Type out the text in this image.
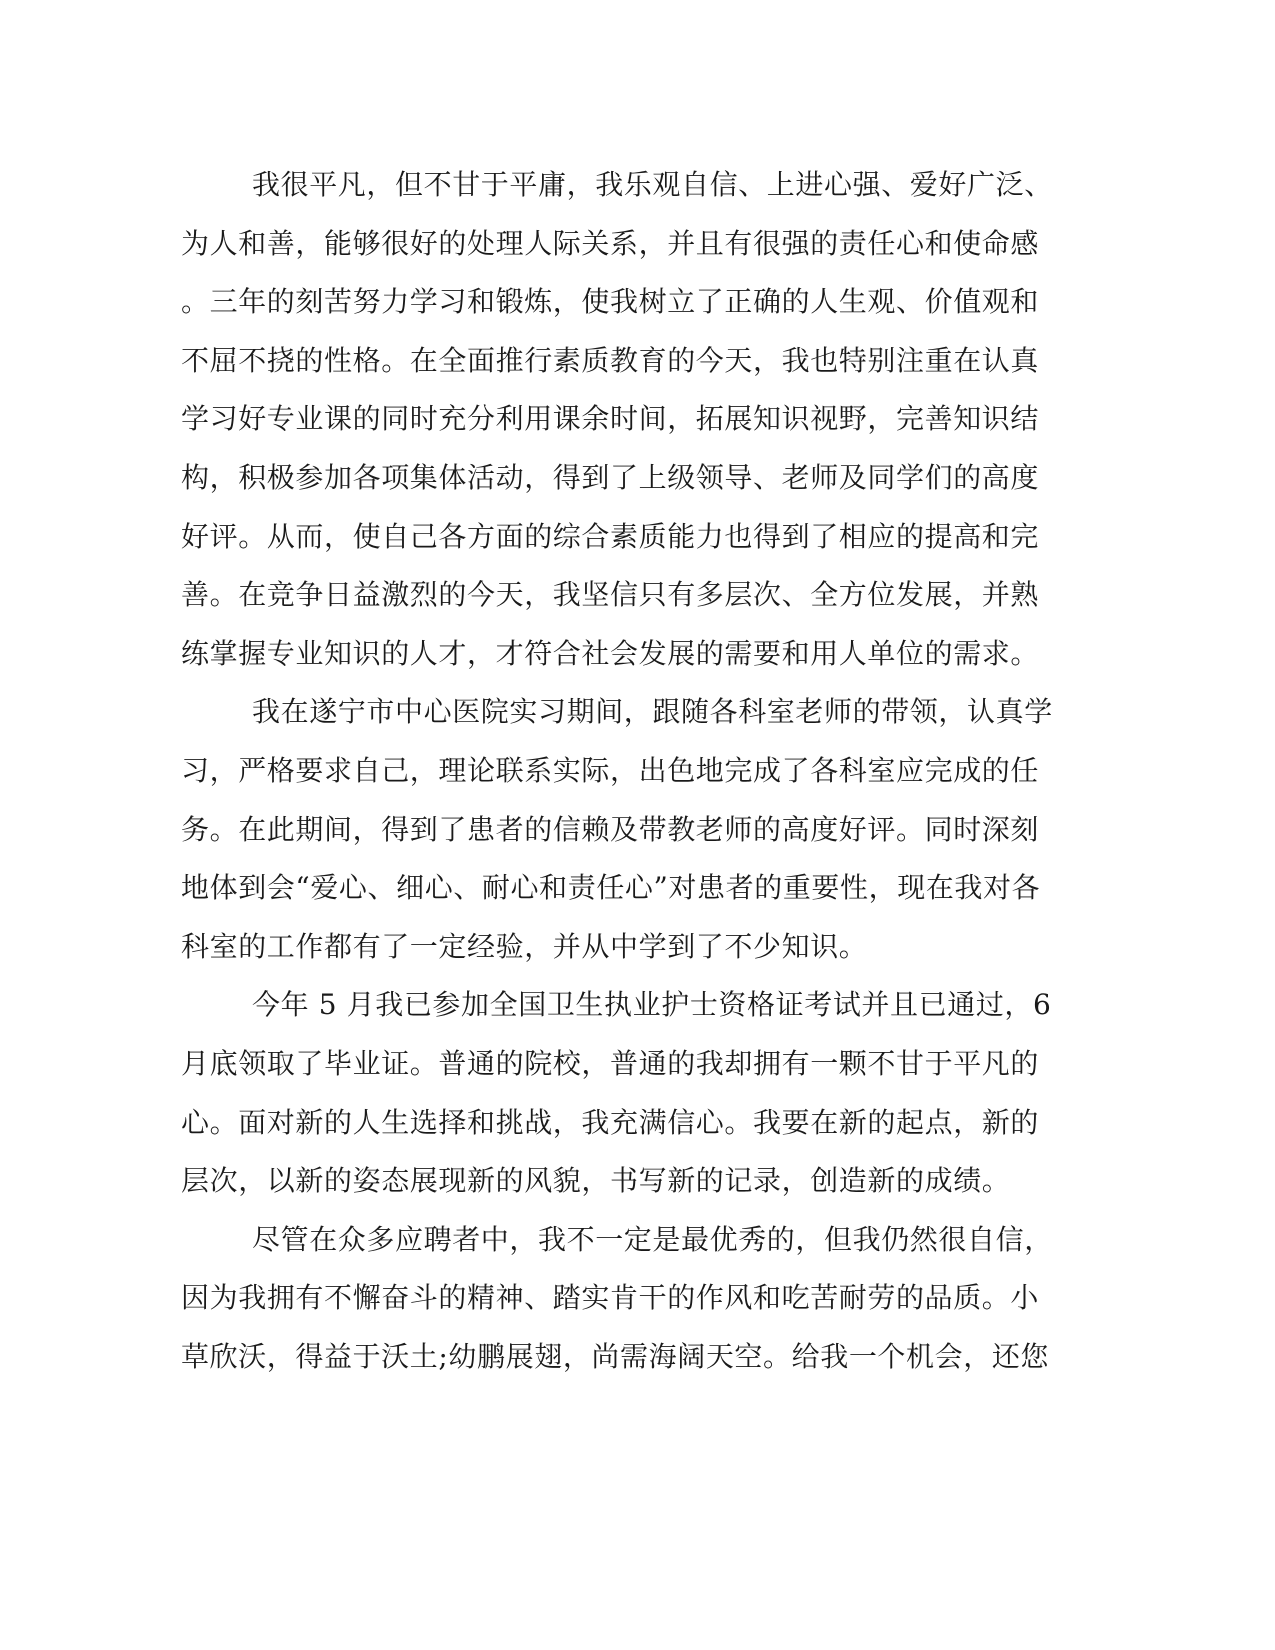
我很平凡，但不甘于平庸，我乐观自信、上进心强、爱好广泛、
为人和善，能够很好的处理人际关系，并且有很强的责任心和使命感
。三年的刻苦努力学习和锻炼，使我树立了正确的人生观、价值观和
不屈不挠的性格。在全面推行素质教育的今天，我也特别注重在认真
学习好专业课的同时充分利用课余时间，拓展知识视野，完善知识结
构，积极参加各项集体活动，得到了上级领导、老师及同学们的高度
好评。从而，使自己各方面的综合素质能力也得到了相应的提高和完
善。在竞争日益激烈的今天，我坚信只有多层次、全方位发展，并熟
练掌握专业知识的人才，才符合社会发展的需要和用人单位的需求。
我在遂宁市中心医院实习期间，跟随各科室老师的带领，认真学
习，严格要求自己，理论联系实际，出色地完成了各科室应完成的任
务。在此期间，得到了患者的信赖及带教老师的高度好评。同时深刻
地体到会“爱心、细心、耐心和责任心”对患者的重要性，现在我对各
科室的工作都有了一定经验，并从中学到了不少知识。
今年 5 月我已参加全国卫生执业护士资格证考试并且已通过，6
月底领取了毕业证。普通的院校，普通的我却拥有一颗不甘于平凡的
心。面对新的人生选择和挑战，我充满信心。我要在新的起点，新的
层次，以新的姿态展现新的风貌，书写新的记录，创造新的成绩。
尽管在众多应聘者中，我不一定是最优秀的，但我仍然很自信，
因为我拥有不懈奋斗的精神、踏实肯干的作风和吃苦耐劳的品质。小
草欣沃，得益于沃土;幼鹏展翅，尚需海阔天空。给我一个机会，还您
